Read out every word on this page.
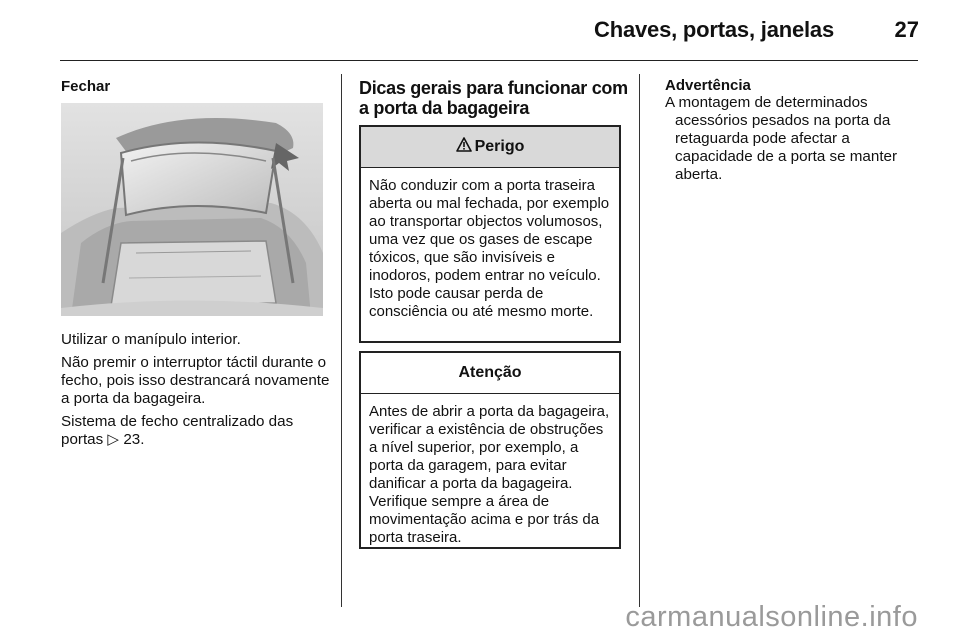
Chaves, portas, janelas	27
Fechar

Utilizar o manípulo interior.

Não premir o interruptor táctil durante o fecho, pois isso destrancará novamente a porta da bagageira.

Sistema de fecho centralizado das portas ▷ 23.

Dicas gerais para funcionar com a porta da bagageira
Perigo
Não conduzir com a porta traseira aberta ou mal fechada, por exemplo ao transportar objectos volumosos, uma vez que os gases de escape tóxicos, que são invisíveis e inodoros, podem entrar no veículo. Isto pode causar perda de consciência ou até mesmo morte.
Atenção
Antes de abrir a porta da bagageira, verificar a existência de obstruções a nível superior, por exemplo, a porta da garagem, para evitar danificar a porta da bagageira. Verifique sempre a área de movimentação acima e por trás da porta traseira.
Advertência
A montagem de determinados
acessórios pesados na porta da retaguarda pode afectar a capacidade de a porta se manter aberta.
carmanualsonline.info
